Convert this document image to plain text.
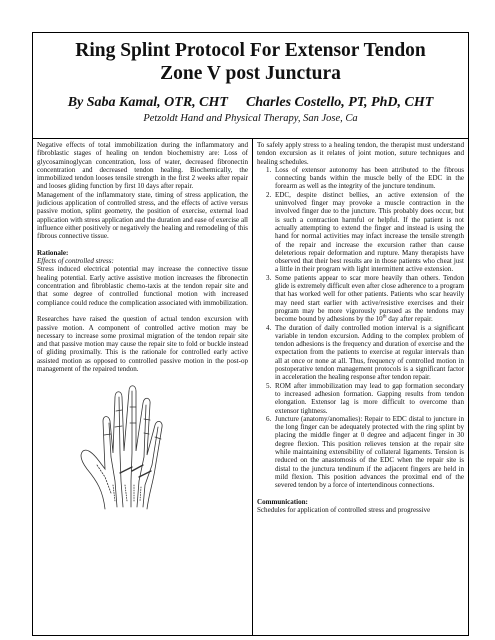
Ring Splint Protocol For Extensor Tendon
Zone V post Junctura
By Saba Kamal, OTR, CHT Charles Costello, PT, PhD, CHT
Petzoldt Hand and Physical Therapy, San Jose, Ca

Negative effects of total immobilization during the inflammatory and fibroblastic stages of healing on tendon biochemistry are: Loss of glycosaminoglycan concentration, loss of water, decreased fibronectin concentration and decreased tendon healing. Biochemically, the immobilized tendon looses tensile strength in the first 2 weeks after repair and looses gliding function by first 10 days after repair.

Management of the inflammatory state, timing of stress application, the judicious application of controlled stress, and the effects of active versus passive motion, splint geometry, the position of exercise, external load application with stress application and the duration and ease of exercise all influence either positively or negatively the healing and remodeling of this fibrous connective tissue.

Rationale:

Effects of controlled stress:

Stress induced electrical potential may increase the connective tissue healing potential. Early active assistive motion increases the fibronectin concentration and fibroblastic chemo-taxis at the tendon repair site and that some degree of controlled functional motion with increased compliance could reduce the complication associated with immobilization.

Researches have raised the question of actual tendon excursion with passive motion. A component of controlled active motion may be necessary to increase some proximal migration of the tendon repair site and that passive motion may cause the repair site to fold or buckle instead of gliding proximally. This is the rationale for controlled early active assisted motion as opposed to controlled passive motion in the post-op management of the repaired tendon.

To safely apply stress to a healing tendon, the therapist must understand tendon excursion as it relates of joint motion, suture techniques and healing schedules.

1. Loss of extensor autonomy has been attributed to the fibrous connecting bands within the muscle belly of the EDC in the forearm as well as the integrity of the juncture tendinum.
2. EDC, despite distinct bellies, an active extension of the uninvolved finger may provoke a muscle contraction in the involved finger due to the juncture. This probably does occur, but is such a contraction harmful or helpful. If the patient is not actually attempting to extend the finger and instead is using the hand for normal activities may infact increase the tensile strength of the repair and increase the excursion rather than cause deleterious repair deformation and rupture. Many therapists have observed that their best results are in those patients who cheat just a little in their program with light intermittent active extension.
3. Some patients appear to scar more heavily than others. Tendon glide is extremely difficult even after close adherence to a program that has worked well for other patients. Patients who scar heavily may need start earlier with active/resistive exercises and their program may be more vigorously pursued as the tendons may become bound by adhesions by the 10th day after repair.
4. The duration of daily controlled motion interval is a significant variable in tendon excursion. Adding to the complex problem of tendon adhesions is the frequency and duration of exercise and the expectation from the patients to exercise at regular intervals than all at once or none at all. Thus, frequency of controlled motion in postoperative tendon management protocols is a significant factor in acceleration the healing response after tendon repair.
5. ROM after immobilization may lead to gap formation secondary to increased adhesion formation. Gapping results from tendon elongation. Extensor lag is more difficult to overcome than extensor tightness.
6. Juncture (anatomy/anomalies): Repair to EDC distal to juncture in the long finger can be adequately protected with the ring splint by placing the middle finger at 0 degree and adjacent finger in 30 degree flexion. This position relieves tension at the repair site while maintaining extensibility of collateral ligaments. Tension is reduced on the anastomosis of the EDC when the repair site is distal to the junctura tendinum if the adjacent fingers are held in mild flexion. This position advances the proximal end of the severed tendon by a force of intertendinous connections.

Communication:

Schedules for application of controlled stress and progressive
